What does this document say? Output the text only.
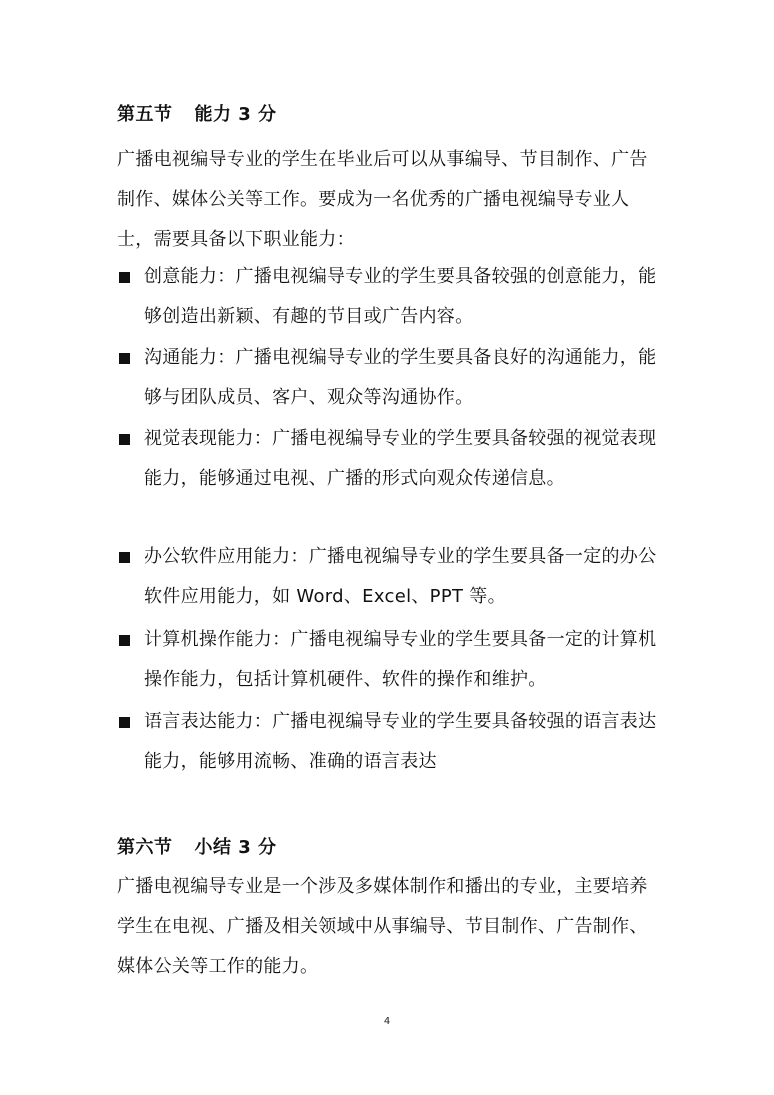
第五节 能力 3 分
广播电视编导专业的学生在毕业后可以从事编导、节目制作、广告制作、媒体公关等工作。要成为一名优秀的广播电视编导专业人士，需要具备以下职业能力：
创意能力：广播电视编导专业的学生要具备较强的创意能力，能够创造出新颖、有趣的节目或广告内容。
沟通能力：广播电视编导专业的学生要具备良好的沟通能力，能够与团队成员、客户、观众等沟通协作。
视觉表现能力：广播电视编导专业的学生要具备较强的视觉表现能力，能够通过电视、广播的形式向观众传递信息。
办公软件应用能力：广播电视编导专业的学生要具备一定的办公软件应用能力，如 Word、Excel、PPT 等。
计算机操作能力：广播电视编导专业的学生要具备一定的计算机操作能力，包括计算机硬件、软件的操作和维护。
语言表达能力：广播电视编导专业的学生要具备较强的语言表达能力，能够用流畅、准确的语言表达
第六节 小结 3 分
广播电视编导专业是一个涉及多媒体制作和播出的专业，主要培养学生在电视、广播及相关领域中从事编导、节目制作、广告制作、媒体公关等工作的能力。
4
